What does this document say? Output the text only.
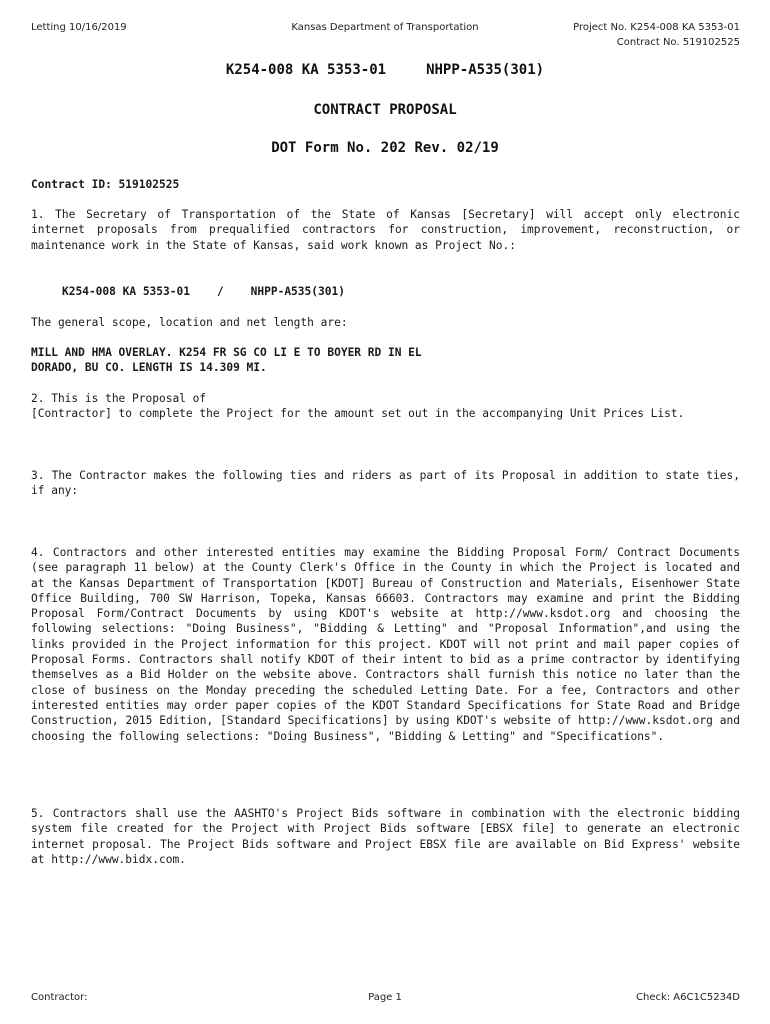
Letting 10/16/2019	Kansas Department of Transportation	Project No. K254-008 KA 5353-01
Contract No. 519102525
K254-008 KA 5353-01	NHPP-A535(301)
CONTRACT PROPOSAL
DOT Form No. 202 Rev. 02/19
Contract ID: 519102525
1. The Secretary of Transportation of the State of Kansas [Secretary] will accept only electronic internet proposals from prequalified contractors for construction, improvement, reconstruction, or maintenance work in the State of Kansas, said work known as Project No.:
K254-008 KA 5353-01 / NHPP-A535(301)
The general scope, location and net length are:
MILL AND HMA OVERLAY. K254 FR SG CO LI E TO BOYER RD IN EL
DORADO, BU CO. LENGTH IS 14.309 MI.
2. This is the Proposal of
[Contractor] to complete the Project for the amount set out in the accompanying Unit Prices List.
3. The Contractor makes the following ties and riders as part of its Proposal in addition to state ties, if any:
4. Contractors and other interested entities may examine the Bidding Proposal Form/ Contract Documents (see paragraph 11 below) at the County Clerk's Office in the County in which the Project is located and at the Kansas Department of Transportation [KDOT] Bureau of Construction and Materials, Eisenhower State Office Building, 700 SW Harrison, Topeka, Kansas 66603. Contractors may examine and print the Bidding Proposal Form/Contract Documents by using KDOT's website at http://www.ksdot.org and choosing the following selections: "Doing Business", "Bidding & Letting" and "Proposal Information",and using the links provided in the Project information for this project. KDOT will not print and mail paper copies of Proposal Forms. Contractors shall notify KDOT of their intent to bid as a prime contractor by identifying themselves as a Bid Holder on the website above. Contractors shall furnish this notice no later than the close of business on the Monday preceding the scheduled Letting Date. For a fee, Contractors and other interested entities may order paper copies of the KDOT Standard Specifications for State Road and Bridge Construction, 2015 Edition, [Standard Specifications] by using KDOT's website of http://www.ksdot.org and choosing the following selections: "Doing Business", "Bidding & Letting" and "Specifications".
5. Contractors shall use the AASHTO's Project Bids software in combination with the electronic bidding system file created for the Project with Project Bids software [EBSX file] to generate an electronic internet proposal. The Project Bids software and Project EBSX file are available on Bid Express' website at http://www.bidx.com.
Contractor:	Page 1	Check: A6C1C5234D
